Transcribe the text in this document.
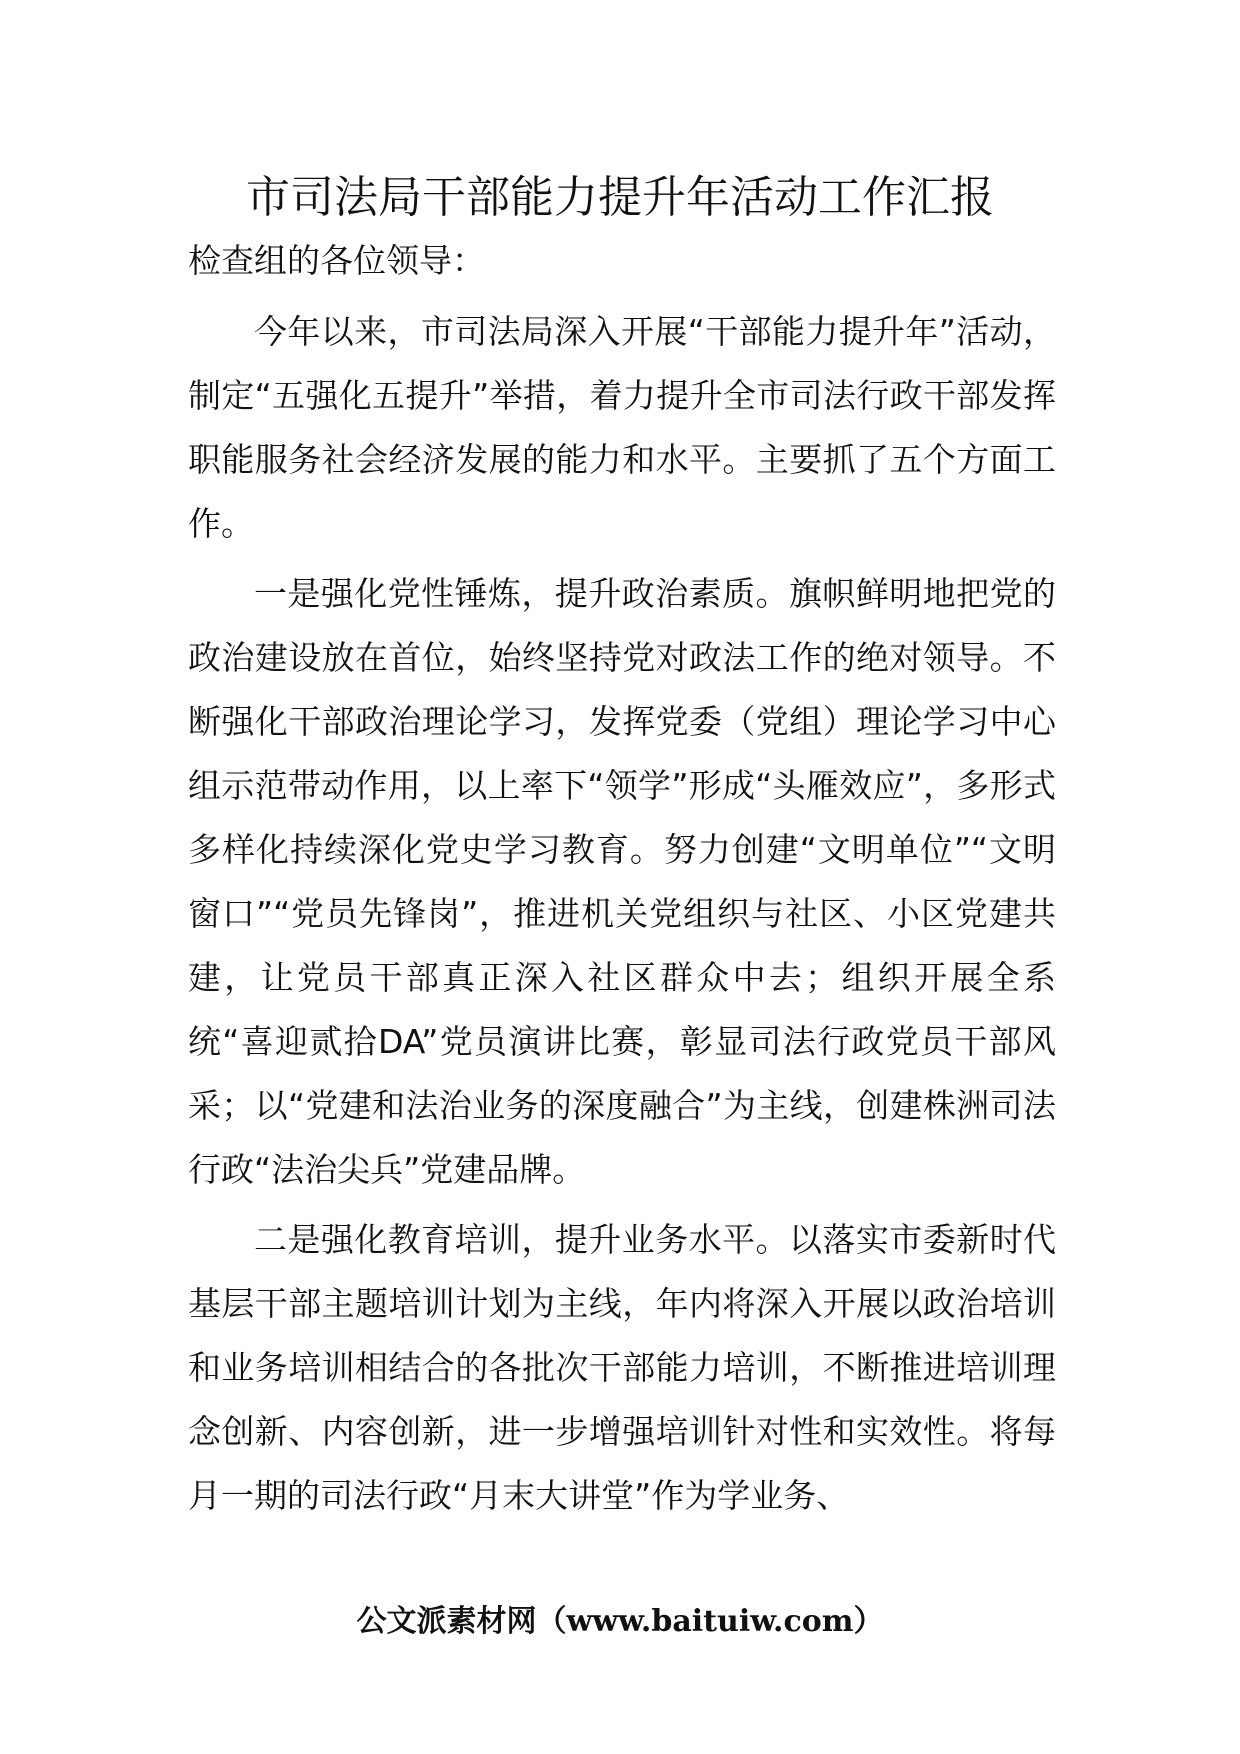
市司法局干部能力提升年活动工作汇报
检查组的各位领导：

今年以来，市司法局深入开展“干部能力提升年”活动，制定“五强化五提升”举措，着力提升全市司法行政干部发挥职能服务社会经济发展的能力和水平。主要抓了五个方面工作。

一是强化党性锤炼，提升政治素质。旗帜鲜明地把党的政治建设放在首位，始终坚持党对政法工作的绝对领导。不断强化干部政治理论学习，发挥党委（党组）理论学习中心组示范带动作用，以上率下“领学”形成“头雁效应”，多形式多样化持续深化党史学习教育。努力创建“文明单位”“文明窗口”“党员先锋岗”，推进机关党组织与社区、小区党建共建，让党员干部真正深入社区群众中去；组织开展全系统“喜迎贰拾DA”党员演讲比赛，彰显司法行政党员干部风采；以“党建和法治业务的深度融合”为主线，创建株洲司法行政“法治尖兵”党建品牌。

二是强化教育培训，提升业务水平。以落实市委新时代基层干部主题培训计划为主线，年内将深入开展以政治培训和业务培训相结合的各批次干部能力培训，不断推进培训理念创新、内容创新，进一步增强培训针对性和实效性。将每月一期的司法行政“月末大讲堂”作为学业务、

公文派素材网（www.baituiw.com）
